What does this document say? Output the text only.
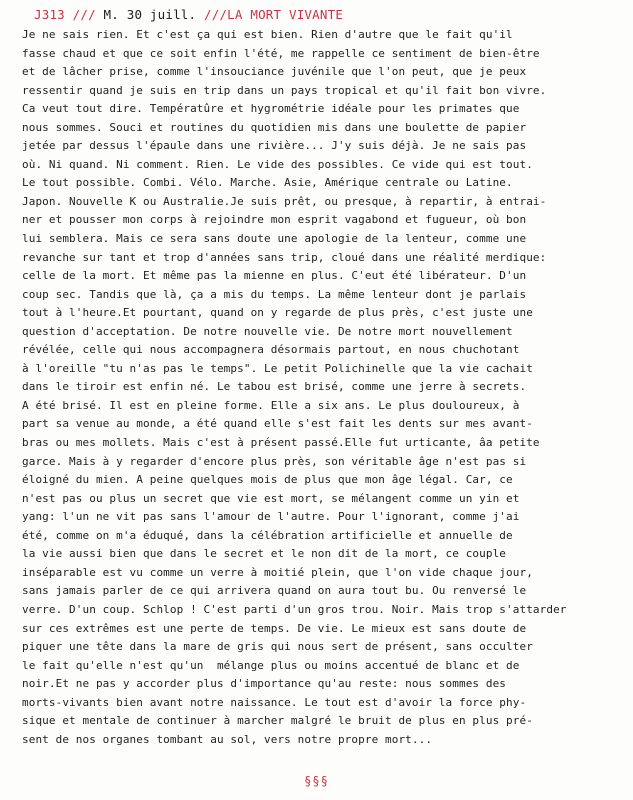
J313 /// M. 30 juill. ///LA MORT VIVANTE
Je ne sais rien. Et c'est ça qui est bien. Rien d'autre que le fait qu'il
fasse chaud et que ce soit enfin l'été, me rappelle ce sentiment de bien-être
et de lâcher prise, comme l'insouciance juvénile que l'on peut, que je peux
ressentir quand je suis en trip dans un pays tropical et qu'il fait bon vivre.
Ca veut tout dire. Températûre et hygrométrie idéale pour les primates que
nous sommes. Souci et routines du quotidien mis dans une boulette de papier
jetée par dessus l'épaule dans une rivière... J'y suis déjà. Je ne sais pas
où. Ni quand. Ni comment. Rien. Le vide des possibles. Ce vide qui est tout.
Le tout possible. Combi. Vélo. Marche. Asie, Amérique centrale ou Latine.
Japon. Nouvelle K ou Australie.Je suis prêt, ou presque, à repartir, à entrai-
ner et pousser mon corps à rejoindre mon esprit vagabond et fugueur, où bon
lui semblera. Mais ce sera sans doute une apologie de la lenteur, comme une
revanche sur tant et trop d'années sans trip, cloué dans une réalité merdique:
celle de la mort. Et même pas la mienne en plus. C'eut été libérateur. D'un
coup sec. Tandis que là, ça a mis du temps. La même lenteur dont je parlais
tout à l'heure.Et pourtant, quand on y regarde de plus près, c'est juste une
question d'acceptation. De notre nouvelle vie. De notre mort nouvellement
révélée, celle qui nous accompagnera désormais partout, en nous chuchotant
à l'oreille "tu n'as pas le temps". Le petit Polichinelle que la vie cachait
dans le tiroir est enfin né. Le tabou est brisé, comme une jerre à secrets.
A été brisé. Il est en pleine forme. Elle a six ans. Le plus douloureux, à
part sa venue au monde, a été quand elle s'est fait les dents sur mes avant-
bras ou mes mollets. Mais c'est à présent passé.Elle fut urticante, âa petite
garce. Mais à y regarder d'encore plus près, son véritable âge n'est pas si
éloigné du mien. A peine quelques mois de plus que mon âge légal. Car, ce
n'est pas ou plus un secret que vie est mort, se mélangent comme un yin et
yang: l'un ne vit pas sans l'amour de l'autre. Pour l'ignorant, comme j'ai
été, comme on m'a éduqué, dans la célébration artificielle et annuelle de
la vie aussi bien que dans le secret et le non dit de la mort, ce couple
inséparable est vu comme un verre à moitié plein, que l'on vide chaque jour,
sans jamais parler de ce qui arrivera quand on aura tout bu. Ou renversé le
verre. D'un coup. Schlop ! C'est parti d'un gros trou. Noir. Mais trop s'attarder
sur ces extrêmes est une perte de temps. De vie. Le mieux est sans doute de
piquer une tête dans la mare de gris qui nous sert de présent, sans occulter
le fait qu'elle n'est qu'un  mélange plus ou moins accentué de blanc et de
noir.Et ne pas y accorder plus d'importance qu'au reste: nous sommes des
morts-vivants bien avant notre naissance. Le tout est d'avoir la force phy-
sique et mentale de continuer à marcher malgré le bruit de plus en plus pré-
sent de nos organes tombant au sol, vers notre propre mort...
§§§
